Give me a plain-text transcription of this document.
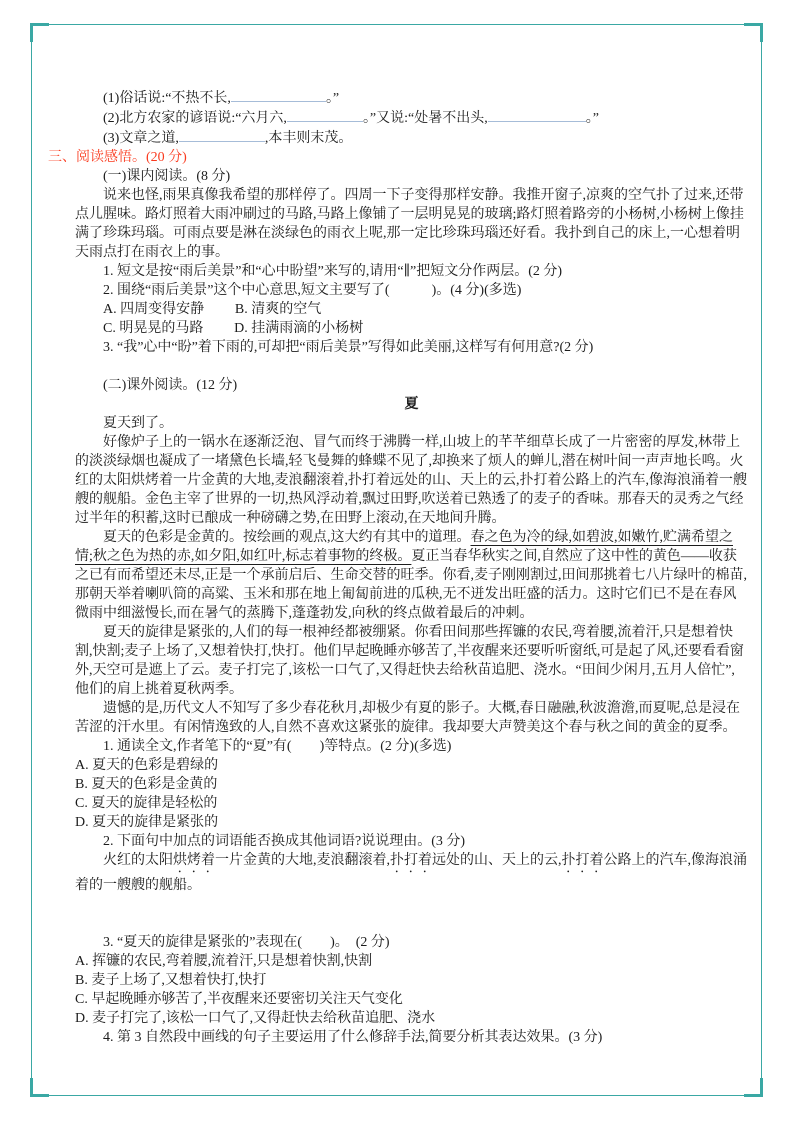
(1)俗话说:“不热不长,	。”

(2)北方农家的谚语说:“六月六,	。”又说:“处暑不出头,	。”

(3)文章之道,	,本丰则末茂。

三、阅读感悟。(20 分)

(一)课内阅读。(8 分)

说来也怪,雨果真像我希望的那样停了。四周一下子变得那样安静。我推开窗子,凉爽的空气扑了过来,还带点儿腥味。路灯照着大雨冲刷过的马路,马路上像铺了一层明晃晃的玻璃;路灯照着路旁的小杨树,小杨树上像挂满了珍珠玛瑙。可雨点要是淋在淡绿色的雨衣上呢,那一定比珍珠玛瑙还好看。我扑到自己的床上,一心想着明天雨点打在雨衣上的事。

1. 短文是按“雨后美景”和“心中盼望”来写的,请用“∥”把短文分作两层。(2 分)

2. 围绕“雨后美景”这个中心意思,短文主要写了(　　　)。(4 分)(多选)

A. 四周变得安静 B. 清爽的空气

C. 明晃晃的马路 D. 挂满雨滴的小杨树

3. “我”心中“盼”着下雨的,可却把“雨后美景”写得如此美丽,这样写有何用意?(2 分)

(二)课外阅读。(12 分)

夏

夏天到了。

好像炉子上的一锅水在逐渐泛泡、冒气而终于沸腾一样,山坡上的芊芊细草长成了一片密密的厚发,林带上的淡淡绿烟也凝成了一堵黛色长墙,轻飞曼舞的蜂蝶不见了,却换来了烦人的蝉儿,潜在树叶间一声声地长鸣。火红的太阳烘烤着一片金黄的大地,麦浪翻滚着,扑打着远处的山、天上的云,扑打着公路上的汽车,像海浪涌着一艘艘的舰船。金色主宰了世界的一切,热风浮动着,飘过田野,吹送着已熟透了的麦子的香味。那春天的灵秀之气经过半年的积蓄,这时已酿成一种磅礴之势,在田野上滚动,在天地间升腾。

夏天的色彩是金黄的。按绘画的观点,这大约有其中的道理。春之色为冷的绿,如碧波,如嫩竹,贮满希望之情;秋之色为热的赤,如夕阳,如红叶,标志着事物的终极。夏正当春华秋实之间,自然应了这中性的黄色——收获之已有而希望还未尽,正是一个承前启后、生命交替的旺季。你看,麦子刚刚割过,田间那挑着七八片绿叶的棉苗,那朝天举着喇叭筒的高粱、玉米和那在地上匍匐前进的瓜秧,无不迸发出旺盛的活力。这时它们已不是在春风微雨中细滋慢长,而在暑气的蒸腾下,蓬蓬勃发,向秋的终点做着最后的冲刺。

夏天的旋律是紧张的,人们的每一根神经都被绷紧。你看田间那些挥镰的农民,弯着腰,流着汗,只是想着快割,快割;麦子上场了,又想着快打,快打。他们早起晚睡亦够苦了,半夜醒来还要听听窗纸,可是起了风,还要看看窗外,天空可是遮上了云。麦子打完了,该松一口气了,又得赶快去给秋苗追肥、浇水。“田间少闲月,五月人倍忙”,他们的肩上挑着夏秋两季。

遗憾的是,历代文人不知写了多少春花秋月,却极少有夏的影子。大概,春日融融,秋波澹澹,而夏呢,总是浸在苦涩的汗水里。有闲情逸致的人,自然不喜欢这紧张的旋律。我却要大声赞美这个春与秋之间的黄金的夏季。

1. 通读全文,作者笔下的“夏”有(　　)等特点。(2 分)(多选)

A. 夏天的色彩是碧绿的

B. 夏天的色彩是金黄的

C. 夏天的旋律是轻松的

D. 夏天的旋律是紧张的

2. 下面句中加点的词语能否换成其他词语?说说理由。(3 分)

火红的太阳烘烤着一片金黄的大地,麦浪翻滚着,扑打着远处的山、天上的云,扑打着公路上的汽车,像海浪涌着的一艘艘的舰船。

3. “夏天的旋律是紧张的”表现在(　　)。　(2 分)

A. 挥镰的农民,弯着腰,流着汗,只是想着快割,快割

B. 麦子上场了,又想着快打,快打

C. 早起晚睡亦够苦了,半夜醒来还要密切关注天气变化

D. 麦子打完了,该松一口气了,又得赶快去给秋苗追肥、浇水

4. 第 3 自然段中画线的句子主要运用了什么修辞手法,简要分析其表达效果。(3 分)
